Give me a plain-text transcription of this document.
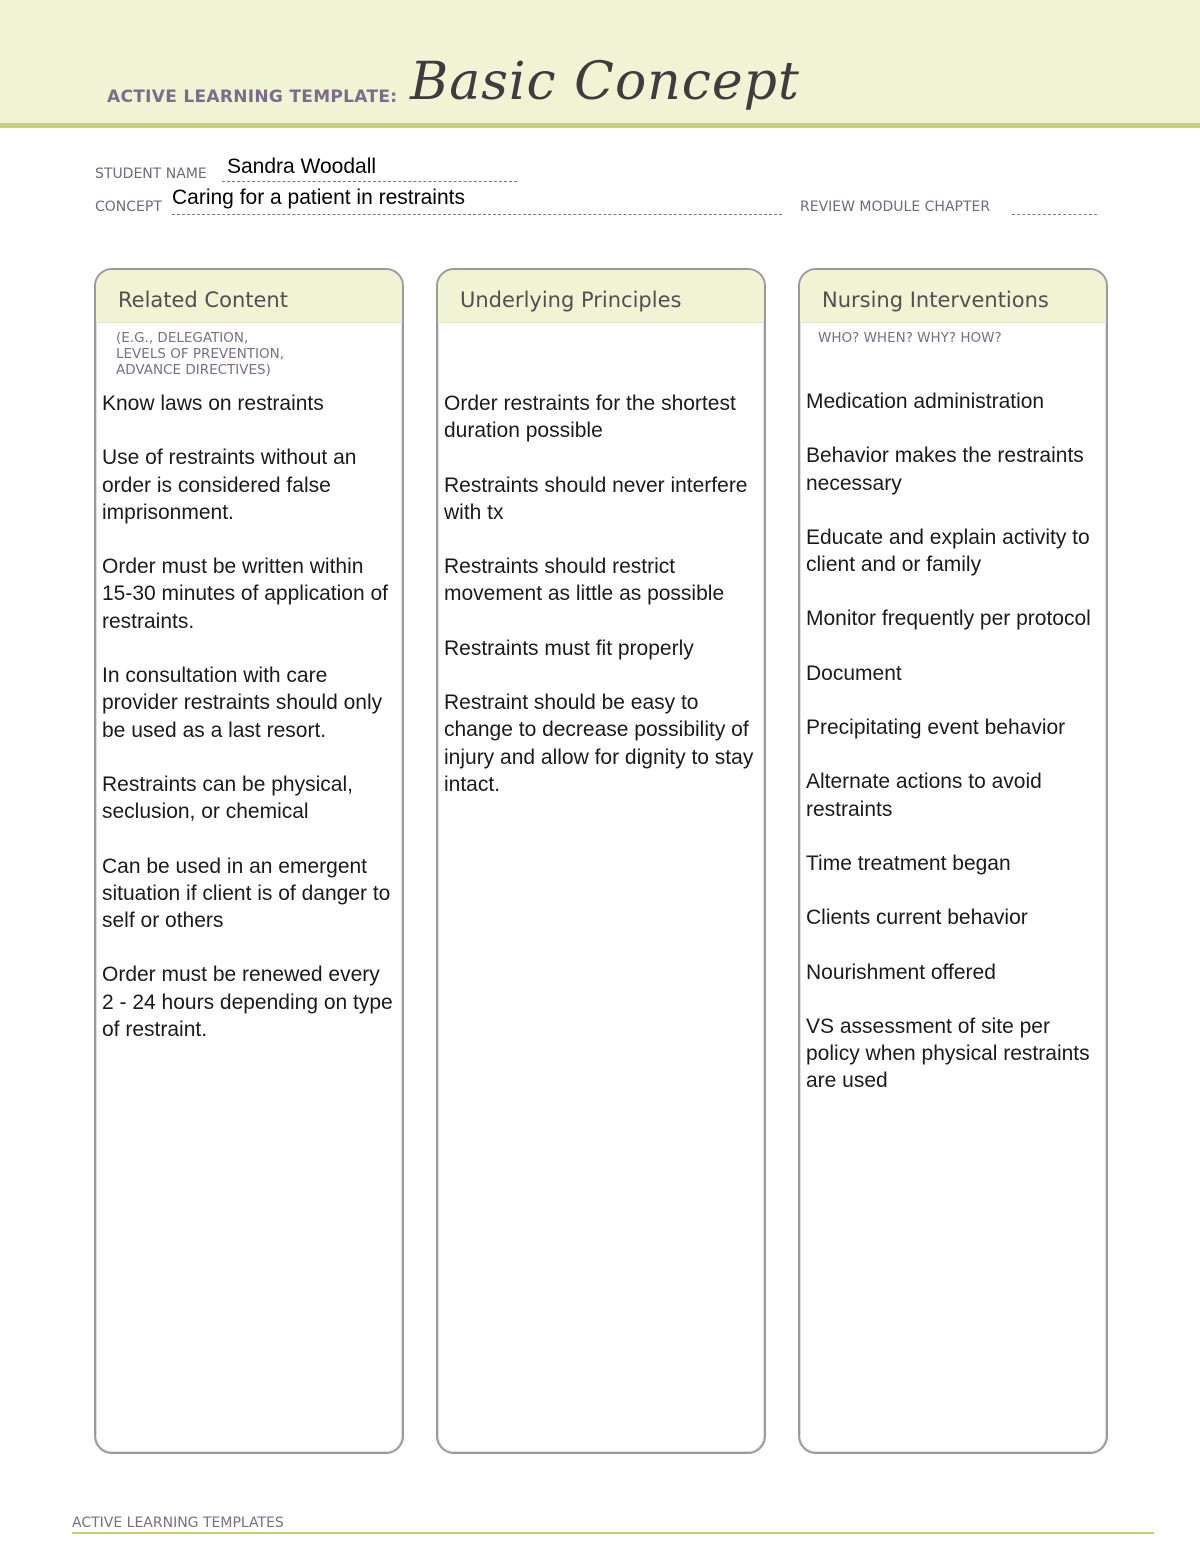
ACTIVE LEARNING TEMPLATE: Basic Concept
STUDENT NAME Sandra Woodall
CONCEPT Caring for a patient in restraints	REVIEW MODULE CHAPTER
Related Content
(E.G., DELEGATION,
LEVELS OF PREVENTION,
ADVANCE DIRECTIVES)

Know laws on restraints

Use of restraints without an order is considered false imprisonment.

Order must be written within 15-30 minutes of application of restraints.

In consultation with care provider restraints should only be used as a last resort.

Restraints can be physical, seclusion, or chemical

Can be used in an emergent situation if client is of danger to self or others

Order must be renewed every 2 - 24 hours depending on type of restraint.

Underlying Principles

Order restraints for the shortest duration possible

Restraints should never interfere with tx

Restraints should restrict movement as little as possible

Restraints must fit properly

Restraint should be easy to change to decrease possibility of injury and allow for dignity to stay intact.

Nursing Interventions
WHO? WHEN? WHY? HOW?

Medication administration

Behavior makes the restraints necessary

Educate and explain activity to client and or family

Monitor frequently per protocol

Document

Precipitating event behavior

Alternate actions to avoid restraints

Time treatment began

Clients current behavior

Nourishment offered

VS assessment of site per policy when physical restraints are used

ACTIVE LEARNING TEMPLATES
